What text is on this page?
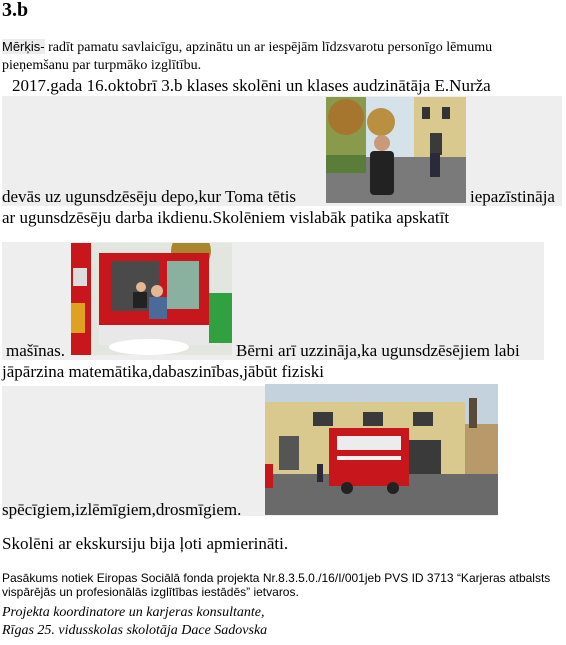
3.b
Mērķis- radīt pamatu savlaicīgu, apzinātu un ar iespējām līdzsvarotu personīgo lēmumu pieņemšanu par turpmāko izglītību.
2017.gada 16.oktobrī 3.b klases skolēni un klases audzinātāja E.Nurža
devās uz ugunsdzēsēju depo,kur Toma tētis	iepazīstināja
ar ugunsdzēsēju darba ikdienu.Skolēniem vislabāk patika apskatīt
mašīnas.	Bērni arī uzzināja,ka ugunsdzēsējiem labi
jāpārzina matemātika,dabaszinības,jābūt fiziski
spēcīgiem,izlēmīgiem,drosmīgiem.
Skolēni ar ekskursiju bija ļoti apmierināti.
Pasākums notiek Eiropas Sociālā fonda projekta Nr.8.3.5.0./16/I/001jeb PVS ID 3713 “Karjeras atbalsts vispārējās un profesionālās izglītības iestādēs” ietvaros.
Projekta koordinatore un karjeras konsultante,
Rīgas 25. vidusskolas skolotāja Dace Sadovska
